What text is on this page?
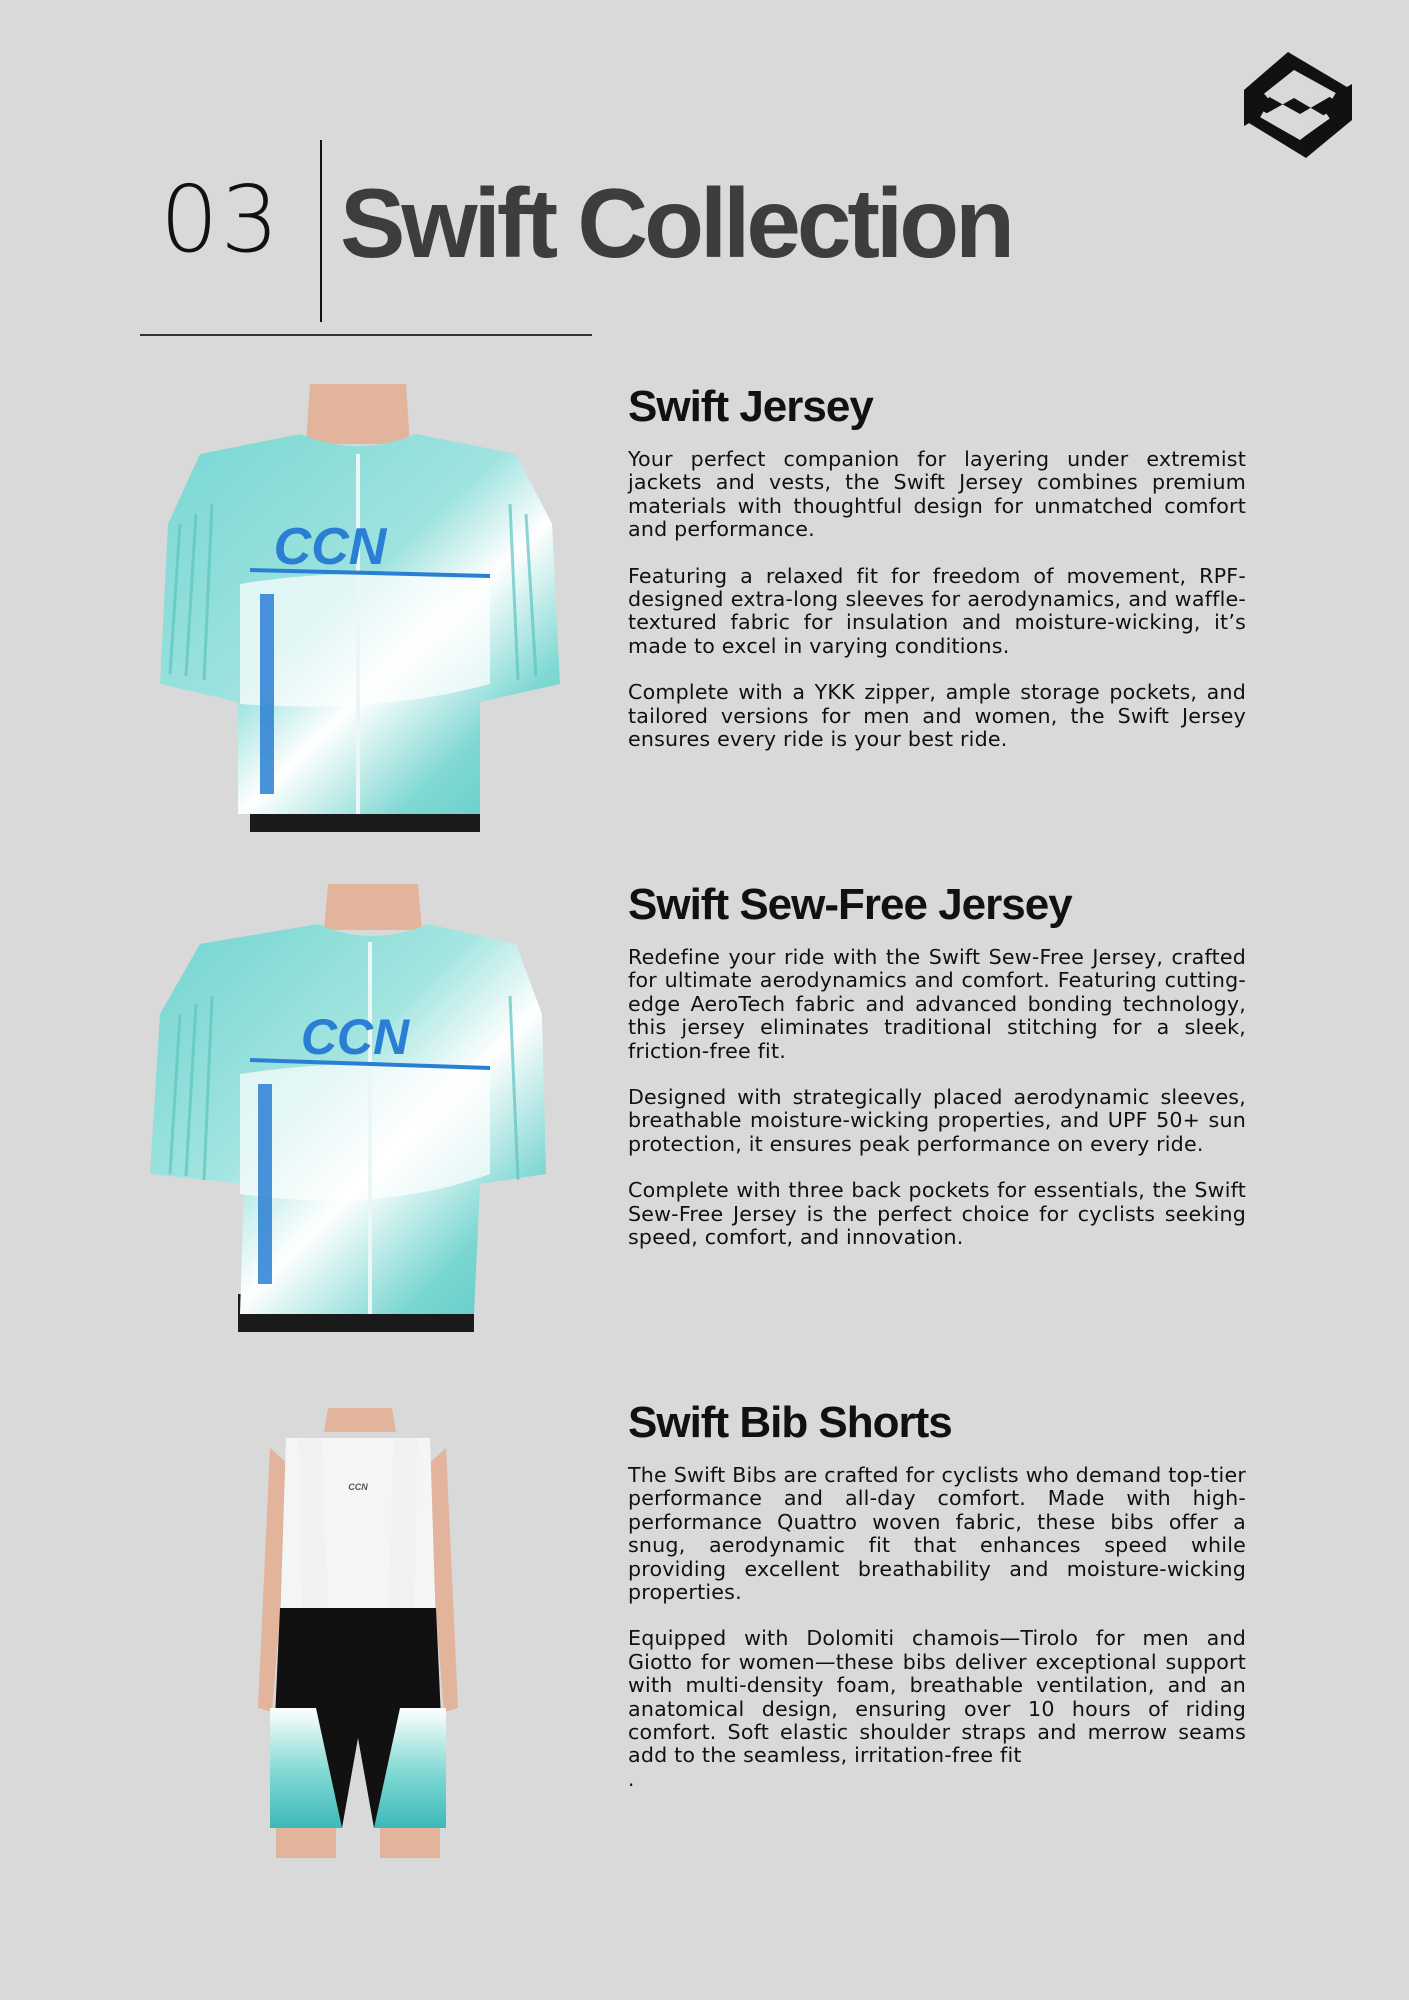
03 Swift Collection
CCN
Swift Jersey

Your perfect companion for layering under extremist jackets and vests, the Swift Jersey combines premium materials with thoughtful design for unmatched comfort and performance.

Featuring a relaxed fit for freedom of movement, RPF-designed extra-long sleeves for aerodynamics, and waffle-textured fabric for insulation and moisture-wicking, it’s made to excel in varying conditions.

Complete with a YKK zipper, ample storage pockets, and tailored versions for men and women, the Swift Jersey ensures every ride is your best ride.

CCN
Swift Sew-Free Jersey

Redefine your ride with the Swift Sew-Free Jersey, crafted for ultimate aerodynamics and comfort. Featuring cutting-edge AeroTech fabric and advanced bonding technology, this jersey eliminates traditional stitching for a sleek, friction-free fit.

Designed with strategically placed aerodynamic sleeves, breathable moisture-wicking properties, and UPF 50+ sun protection, it ensures peak performance on every ride.

Complete with three back pockets for essentials, the Swift Sew-Free Jersey is the perfect choice for cyclists seeking speed, comfort, and innovation.

CCN
Swift Bib Shorts

The Swift Bibs are crafted for cyclists who demand top-tier performance and all-day comfort. Made with high-performance Quattro woven fabric, these bibs offer a snug, aerodynamic fit that enhances speed while providing excellent breathability and moisture-wicking properties.

Equipped with Dolomiti chamois—Tirolo for men and Giotto for women—these bibs deliver exceptional support with multi-density foam, breathable ventilation, and an anatomical design, ensuring over 10 hours of riding comfort. Soft elastic shoulder straps and merrow seams add to the seamless, irritation-free fit

.
